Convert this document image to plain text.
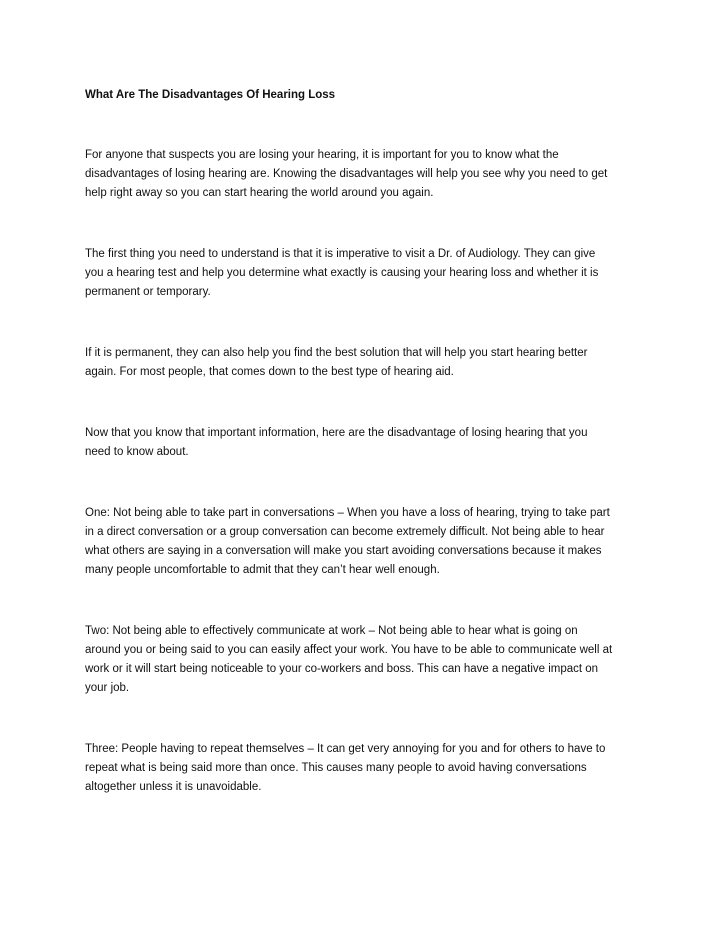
What Are The Disadvantages Of Hearing Loss
For anyone that suspects you are losing your hearing, it is important for you to know what the
disadvantages of losing hearing are. Knowing the disadvantages will help you see why you need to get
help right away so you can start hearing the world around you again.
The first thing you need to understand is that it is imperative to visit a Dr. of Audiology. They can give
you a hearing test and help you determine what exactly is causing your hearing loss and whether it is
permanent or temporary.
If it is permanent, they can also help you find the best solution that will help you start hearing better
again. For most people, that comes down to the best type of hearing aid.
Now that you know that important information, here are the disadvantage of losing hearing that you
need to know about.
One: Not being able to take part in conversations – When you have a loss of hearing, trying to take part
in a direct conversation or a group conversation can become extremely difficult. Not being able to hear
what others are saying in a conversation will make you start avoiding conversations because it makes
many people uncomfortable to admit that they can’t hear well enough.
Two: Not being able to effectively communicate at work – Not being able to hear what is going on
around you or being said to you can easily affect your work. You have to be able to communicate well at
work or it will start being noticeable to your co-workers and boss. This can have a negative impact on
your job.
Three: People having to repeat themselves – It can get very annoying for you and for others to have to
repeat what is being said more than once. This causes many people to avoid having conversations
altogether unless it is unavoidable.
